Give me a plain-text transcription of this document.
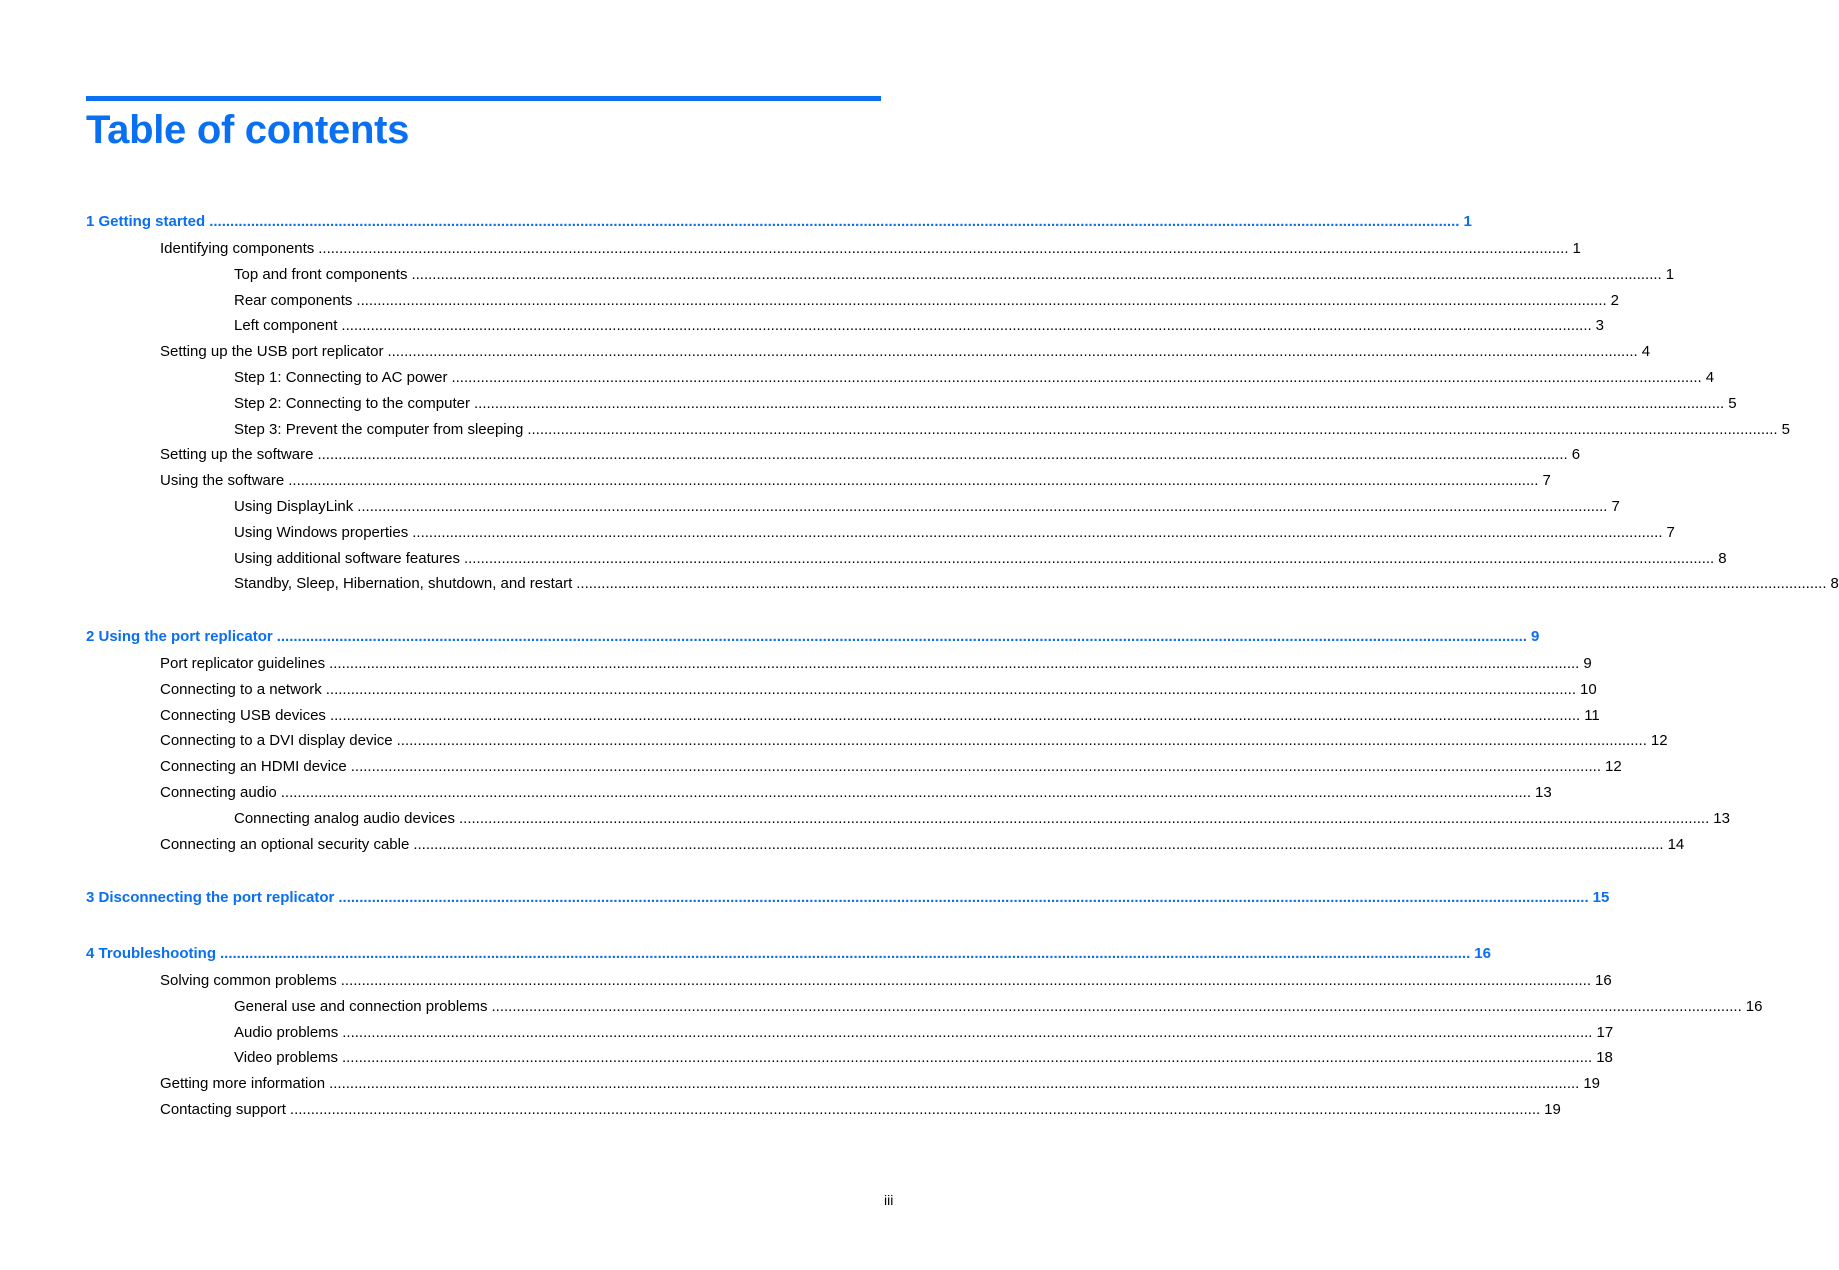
Table of contents
1 Getting started ............................................................................................................................................................................................................................................................................................................ 1
Identifying components ............................................................................................................................................................................................................................................................................................................ 1
Top and front components ............................................................................................................................................................................................................................................................................................................ 1
Rear components ............................................................................................................................................................................................................................................................................................................ 2
Left component ............................................................................................................................................................................................................................................................................................................ 3
Setting up the USB port replicator ............................................................................................................................................................................................................................................................................................................ 4
Step 1: Connecting to AC power ............................................................................................................................................................................................................................................................................................................ 4
Step 2: Connecting to the computer ............................................................................................................................................................................................................................................................................................................ 5
Step 3: Prevent the computer from sleeping ............................................................................................................................................................................................................................................................................................................ 5
Setting up the software ............................................................................................................................................................................................................................................................................................................ 6
Using the software ............................................................................................................................................................................................................................................................................................................ 7
Using DisplayLink ............................................................................................................................................................................................................................................................................................................ 7
Using Windows properties ............................................................................................................................................................................................................................................................................................................ 7
Using additional software features ............................................................................................................................................................................................................................................................................................................ 8
Standby, Sleep, Hibernation, shutdown, and restart ............................................................................................................................................................................................................................................................................................................ 8
2 Using the port replicator ............................................................................................................................................................................................................................................................................................................ 9
Port replicator guidelines ............................................................................................................................................................................................................................................................................................................ 9
Connecting to a network ............................................................................................................................................................................................................................................................................................................ 10
Connecting USB devices ............................................................................................................................................................................................................................................................................................................ 11
Connecting to a DVI display device ............................................................................................................................................................................................................................................................................................................ 12
Connecting an HDMI device ............................................................................................................................................................................................................................................................................................................ 12
Connecting audio ............................................................................................................................................................................................................................................................................................................ 13
Connecting analog audio devices ............................................................................................................................................................................................................................................................................................................ 13
Connecting an optional security cable ............................................................................................................................................................................................................................................................................................................ 14
3 Disconnecting the port replicator ............................................................................................................................................................................................................................................................................................................ 15
4 Troubleshooting ............................................................................................................................................................................................................................................................................................................ 16
Solving common problems ............................................................................................................................................................................................................................................................................................................ 16
General use and connection problems ............................................................................................................................................................................................................................................................................................................ 16
Audio problems ............................................................................................................................................................................................................................................................................................................ 17
Video problems ............................................................................................................................................................................................................................................................................................................ 18
Getting more information ............................................................................................................................................................................................................................................................................................................ 19
Contacting support ............................................................................................................................................................................................................................................................................................................ 19
iii
